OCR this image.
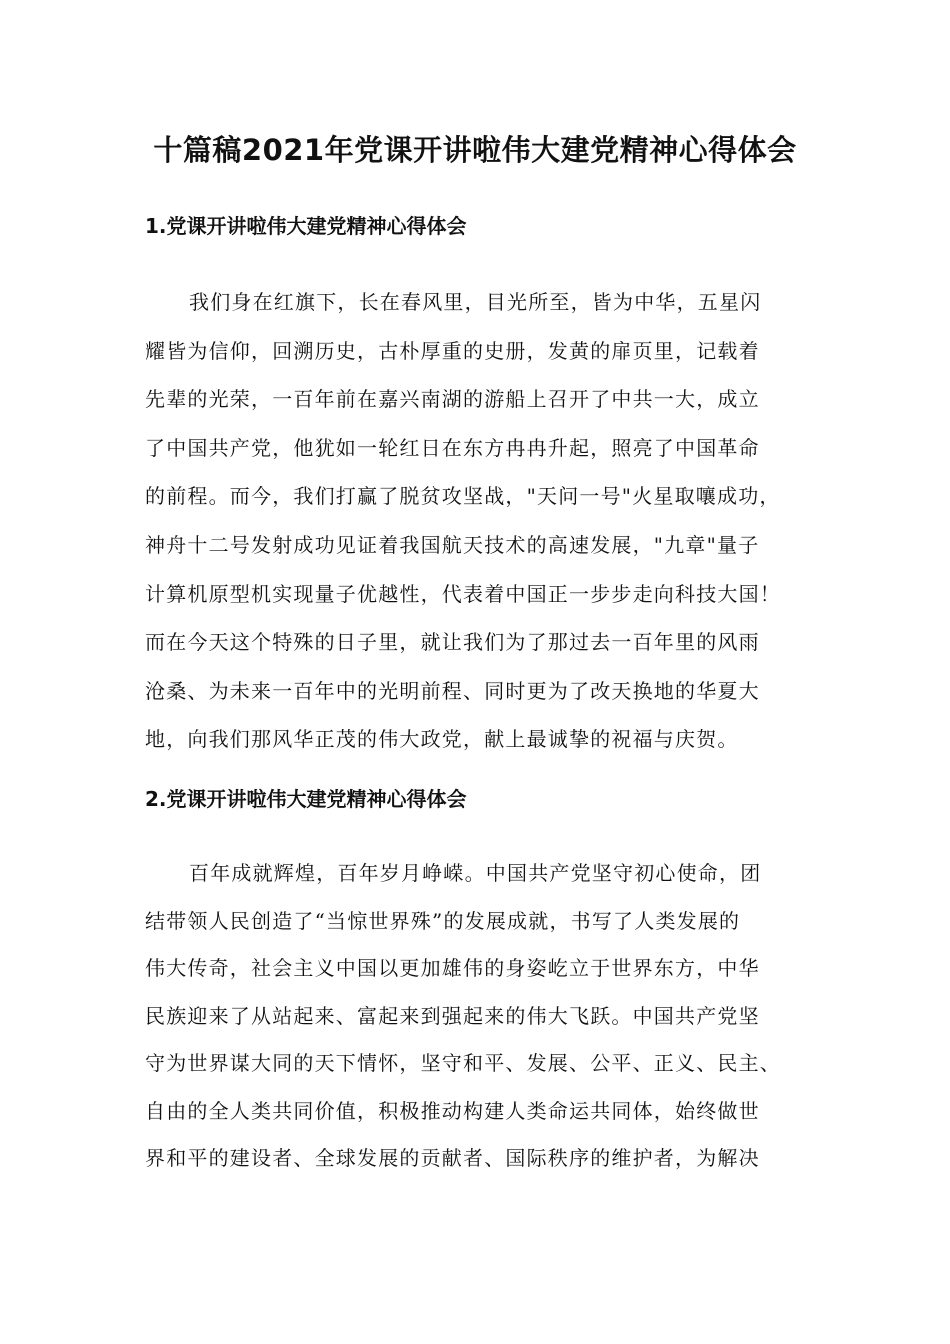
十篇稿2021年党课开讲啦伟大建党精神心得体会
1.党课开讲啦伟大建党精神心得体会
我们身在红旗下，长在春风里，目光所至，皆为中华，五星闪
耀皆为信仰，回溯历史，古朴厚重的史册，发黄的扉页里，记载着
先辈的光荣，一百年前在嘉兴南湖的游船上召开了中共一大，成立
了中国共产党，他犹如一轮红日在东方冉冉升起，照亮了中国革命
的前程。而今，我们打赢了脱贫攻坚战，"天问一号"火星取嚷成功，
神舟十二号发射成功见证着我国航天技术的高速发展，"九章"量子
计算机原型机实现量子优越性，代表着中国正一步步走向科技大国！
而在今天这个特殊的日子里，就让我们为了那过去一百年里的风雨
沧桑、为未来一百年中的光明前程、同时更为了改天换地的华夏大
地，向我们那风华正茂的伟大政党，献上最诚挚的祝福与庆贺。
2.党课开讲啦伟大建党精神心得体会
百年成就辉煌，百年岁月峥嵘。中国共产党坚守初心使命，团
结带领人民创造了“当惊世界殊”的发展成就，书写了人类发展的
伟大传奇，社会主义中国以更加雄伟的身姿屹立于世界东方，中华
民族迎来了从站起来、富起来到强起来的伟大飞跃。中国共产党坚
守为世界谋大同的天下情怀，坚守和平、发展、公平、正义、民主、
自由的全人类共同价值，积极推动构建人类命运共同体，始终做世
界和平的建设者、全球发展的贡献者、国际秩序的维护者，为解决
